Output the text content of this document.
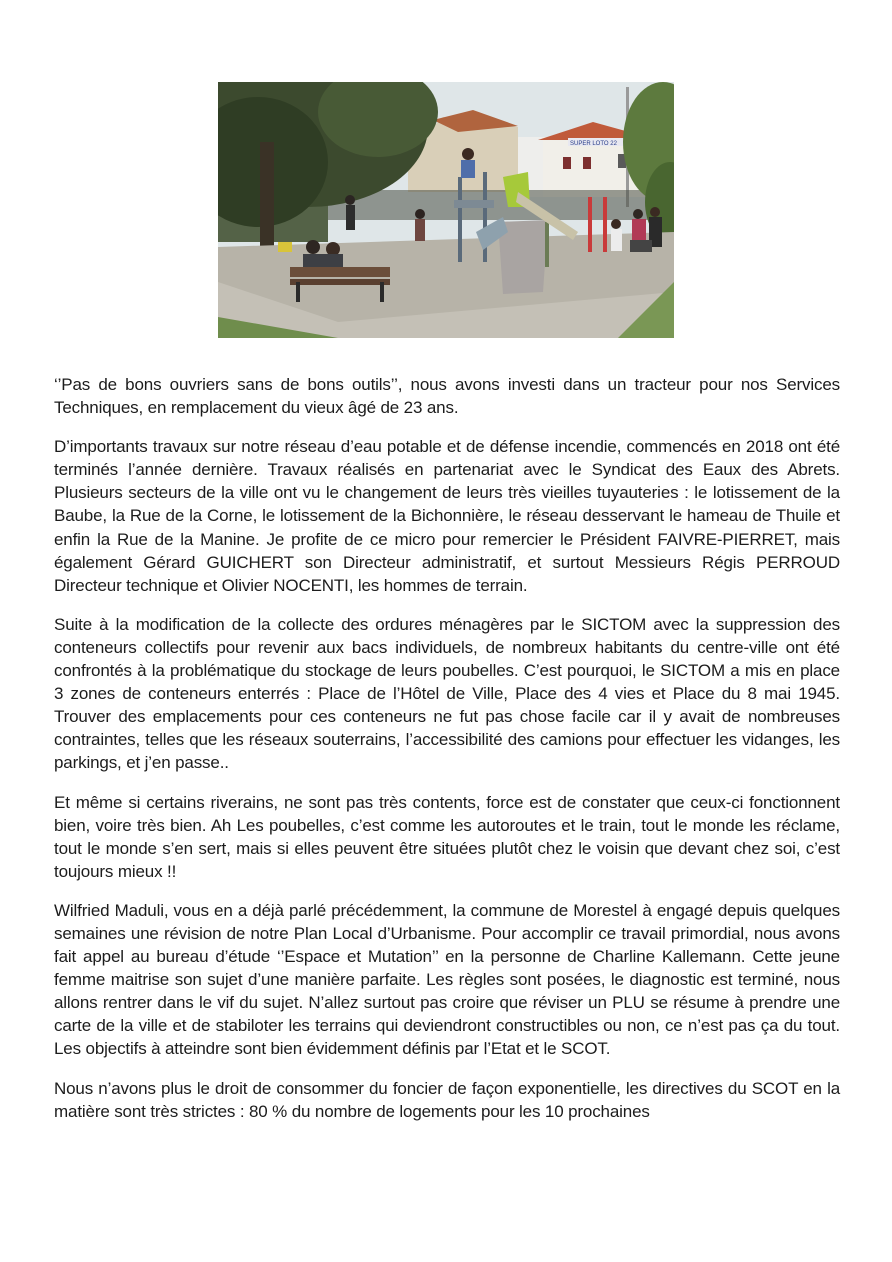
SUPER LOTO 22

‘’Pas de bons ouvriers sans de bons outils’’, nous avons investi dans un tracteur pour nos Services Techniques, en remplacement du vieux âgé de 23 ans.

D’importants travaux sur notre réseau d’eau potable et de défense incendie, commencés en 2018 ont été terminés l’année dernière. Travaux réalisés en partenariat avec le Syndicat des Eaux des Abrets. Plusieurs secteurs de la ville ont vu le changement de leurs très vieilles tuyauteries : le lotissement de la Baube, la Rue de la Corne, le lotissement de la Bichonnière, le réseau desservant le hameau de Thuile et enfin la Rue de la Manine. Je profite de ce micro pour remercier le Président FAIVRE-PIERRET, mais également Gérard GUICHERT son Directeur administratif, et surtout Messieurs Régis PERROUD Directeur technique et Olivier NOCENTI, les hommes de terrain.

Suite à la modification de la collecte des ordures ménagères par le SICTOM avec la suppression des conteneurs collectifs pour revenir aux bacs individuels, de nombreux habitants du centre-ville ont été confrontés à la problématique du stockage de leurs poubelles. C’est pourquoi, le SICTOM a mis en place 3 zones de conteneurs enterrés : Place de l’Hôtel de Ville, Place des 4 vies et Place du 8 mai 1945. Trouver des emplacements pour ces conteneurs ne fut pas chose facile car il y avait de nombreuses contraintes, telles que les réseaux souterrains, l’accessibilité des camions pour effectuer les vidanges, les parkings, et j’en passe..

Et même si certains riverains, ne sont pas très contents, force est de constater que ceux-ci fonctionnent bien, voire très bien. Ah Les poubelles, c’est comme les autoroutes et le train, tout le monde les réclame, tout le monde s’en sert, mais si elles peuvent être situées plutôt chez le voisin que devant chez soi, c’est toujours mieux !!

Wilfried Maduli, vous en a déjà parlé précédemment, la commune de Morestel à engagé depuis quelques semaines une révision de notre Plan Local d’Urbanisme. Pour accomplir ce travail primordial, nous avons fait appel au bureau d’étude ‘’Espace et Mutation’’ en la personne de Charline Kallemann. Cette jeune femme maitrise son sujet d’une manière parfaite. Les règles sont posées, le diagnostic est terminé, nous allons rentrer dans le vif du sujet. N’allez surtout pas croire que réviser un PLU se résume à prendre une carte de la ville et de stabiloter les terrains qui deviendront constructibles ou non, ce n’est pas ça du tout. Les objectifs à atteindre sont bien évidemment définis par l’Etat et le SCOT.

Nous n’avons plus le droit de consommer du foncier de façon exponentielle, les directives du SCOT en la matière sont très strictes : 80 % du nombre de logements pour les 10 prochaines
